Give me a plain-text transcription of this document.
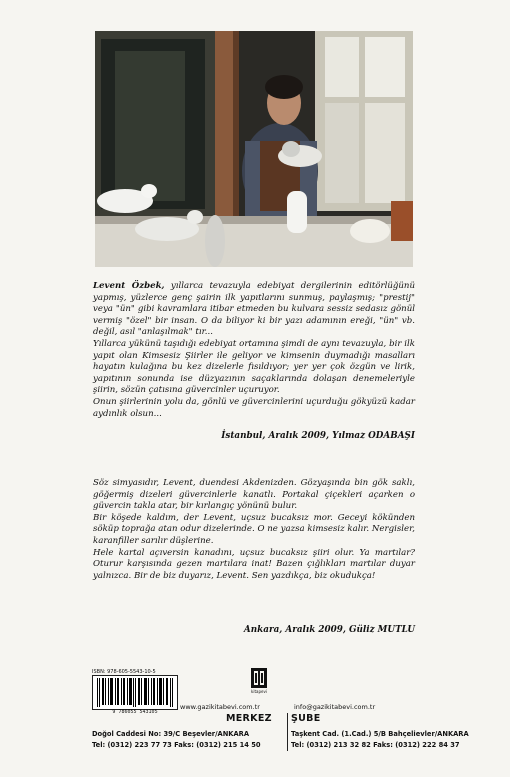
Levent Özbek, yıllarca tevazuyla edebiyat dergilerinin editörlüğünü yapmış, yüzlerce genç şairin ilk yapıtlarını sunmuş, paylaşmış; "prestij" veya "ün" gibi kavramlara itibar etmeden bu kulvara sessiz sedasız gönül vermiş "özel" bir insan. O da biliyor ki bir yazı adamının ereği, "ün" vb. değil, asıl "anlaşılmak" tır...

Yıllarca yükünü taşıdığı edebiyat ortamına şimdi de aynı tevazuyla, bir ilk yapıt olan Kimsesiz Şiirler ile geliyor ve kimsenin duymadığı masalları hayatın kulağına bu kez dizelerle fısıldıyor; yer yer çok özgün ve lirik, yapıtının sonunda ise düzyazının saçaklarında dolaşan denemeleriyle şiirin, sözün çatısına güvercinler uçuruyor.

Onun şiirlerinin yolu da, gönlü ve güvercinlerini uçurduğu gökyüzü kadar aydınlık olsun...

İstanbul, Aralık 2009, Yılmaz ODABAŞI

Söz simyasıdır, Levent, duendesi Akdenizden. Gözyaşında bin gök saklı, göğermiş dizeleri güvercinlerle kanatlı. Portakal çiçekleri açarken o güvercin takla atar, bir kırlangıç yönünü bulur.

Bir köşede kaldım, der Levent, uçsuz bucaksız mor. Geceyi kökünden söküp toprağa atan odur dizelerinde. O ne yazsa kimsesiz kalır. Nergisler, karanfiller sarılır düşlerine.

Hele kartal açıversin kanadını, uçsuz bucaksız şiiri olur. Ya martılar? Oturur karşısında gezen martılara inat! Bazen çığlıkları martılar duyar yalnızca. Bir de biz duyarız, Levent. Sen yazdıkça, biz okudukça!

Ankara, Aralık 2009, Güliz MUTLU
ISBN: 978-605-5543-10-5
9 786055 543105
kitapevi
www.gazikitabevi.com.tr	info@gazikitabevi.com.tr
MERKEZ ŞUBE
Doğol Caddesi No: 39/C Beşevler/ANKARA
Tel: (0312) 223 77 73 Faks: (0312) 215 14 50
Taşkent Cad. (1.Cad.) 5/B Bahçelievler/ANKARA
Tel: (0312) 213 32 82 Faks: (0312) 222 84 37
